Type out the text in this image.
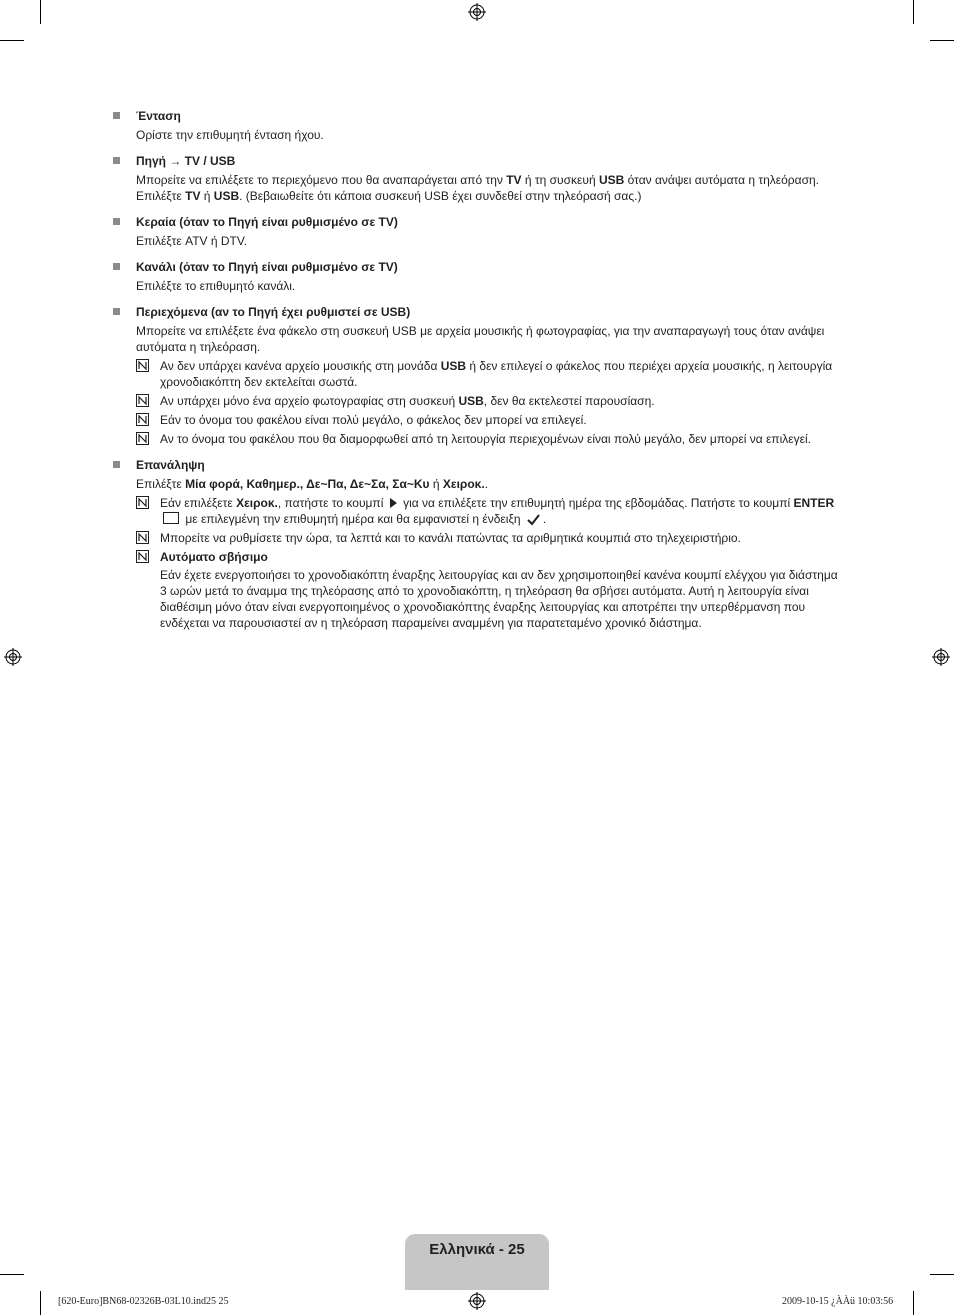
Ένταση

Ορίστε την επιθυμητή ένταση ήχου.

Πηγή → TV / USB

Μπορείτε να επιλέξετε το περιεχόμενο που θα αναπαράγεται από την TV ή τη συσκευή USB όταν ανάψει αυτόματα η τηλεόραση.

Επιλέξτε TV ή USB. (Βεβαιωθείτε ότι κάποια συσκευή USB έχει συνδεθεί στην τηλεόρασή σας.)

Κεραία (όταν το Πηγή είναι ρυθμισμένο σε TV)

Επιλέξτε ATV ή DTV.

Κανάλι (όταν το Πηγή είναι ρυθμισμένο σε TV)

Επιλέξτε το επιθυμητό κανάλι.

Περιεχόμενα (αν το Πηγή έχει ρυθμιστεί σε USB)

Μπορείτε να επιλέξετε ένα φάκελο στη συσκευή USB με αρχεία μουσικής ή φωτογραφίας, για την αναπαραγωγή τους όταν ανάψει αυτόματα η τηλεόραση.

Αν δεν υπάρχει κανένα αρχείο μουσικής στη μονάδα USB ή δεν επιλεγεί ο φάκελος που περιέχει αρχεία μουσικής, η λειτουργία χρονοδιακόπτη δεν εκτελείται σωστά.
Αν υπάρχει μόνο ένα αρχείο φωτογραφίας στη συσκευή USB, δεν θα εκτελεστεί παρουσίαση.
Εάν το όνομα του φακέλου είναι πολύ μεγάλο, ο φάκελος δεν μπορεί να επιλεγεί.
Αν το όνομα του φακέλου που θα διαμορφωθεί από τη λειτουργία περιεχομένων είναι πολύ μεγάλο, δεν μπορεί να επιλεγεί.
Επανάληψη

Επιλέξτε Μία φορά, Καθημερ., Δε~Πα, Δε~Σα, Σα~Κυ ή Χειροκ..

Εάν επιλέξετε Χειροκ., πατήστε το κουμπί για να επιλέξετε την επιθυμητή ημέρα της εβδομάδας. Πατήστε το κουμπί ENTER με επιλεγμένη την επιθυμητή ημέρα και θα εμφανιστεί η ένδειξη .
Μπορείτε να ρυθμίσετε την ώρα, τα λεπτά και το κανάλι πατώντας τα αριθμητικά κουμπιά στο τηλεχειριστήριο.
Αυτόματο σβήσιμο
Εάν έχετε ενεργοποιήσει το χρονοδιακόπτη έναρξης λειτουργίας και αν δεν χρησιμοποιηθεί κανένα κουμπί ελέγχου για διάστημα 3 ωρών μετά το άναμμα της τηλεόρασης από το χρονοδιακόπτη, η τηλεόραση θα σβήσει αυτόματα. Αυτή η λειτουργία είναι διαθέσιμη μόνο όταν είναι ενεργοποιημένος ο χρονοδιακόπτης έναρξης λειτουργίας και αποτρέπει την υπερθέρμανση που ενδέχεται να παρουσιαστεί αν η τηλεόραση παραμείνει αναμμένη για παρατεταμένο χρονικό διάστημα.
Ελληνικά - 25
[620-Euro]BN68-02326B-03L10.ind25 25	2009-10-15 ¿ÀÀü 10:03:56
